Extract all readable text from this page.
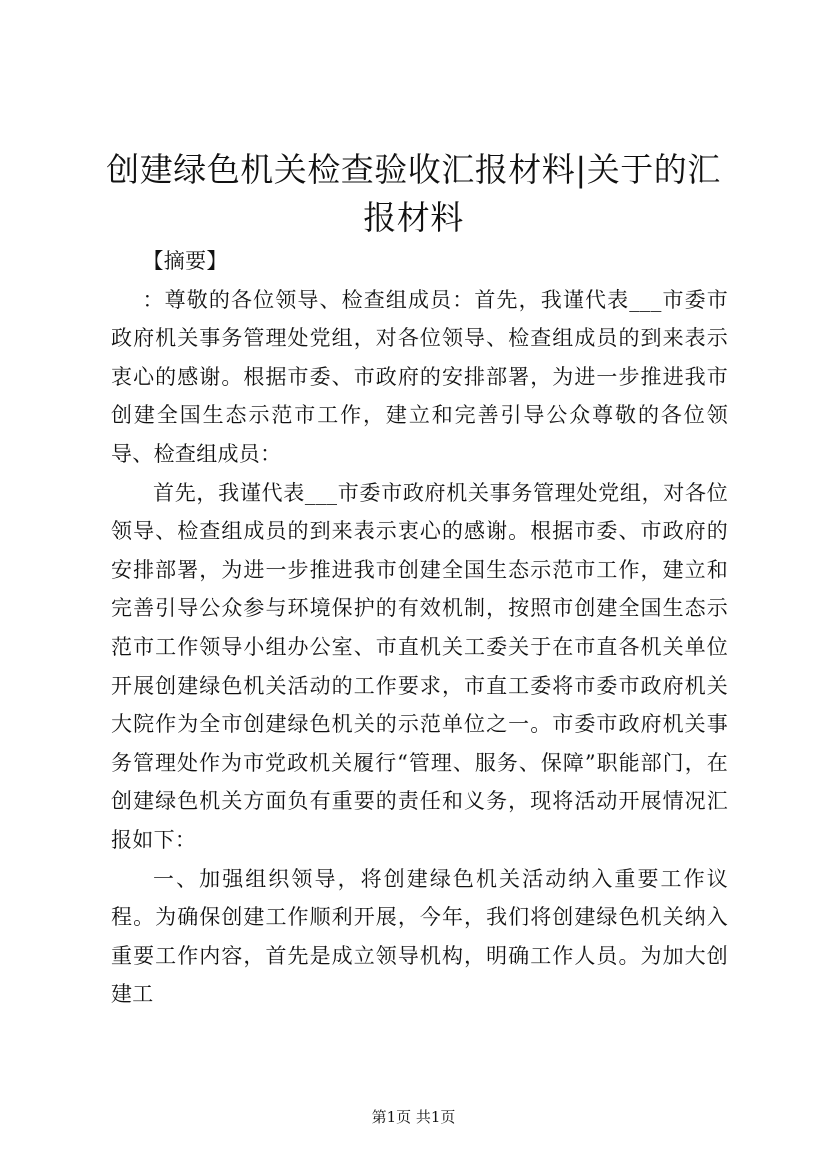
创建绿色机关检查验收汇报材料|关于的汇报材料

【摘要】

：尊敬的各位领导、检查组成员：首先，我谨代表___市委市政府机关事务管理处党组，对各位领导、检查组成员的到来表示衷心的感谢。根据市委、市政府的安排部署，为进一步推进我市创建全国生态示范市工作，建立和完善引导公众尊敬的各位领导、检查组成员：

首先，我谨代表___市委市政府机关事务管理处党组，对各位领导、检查组成员的到来表示衷心的感谢。根据市委、市政府的安排部署，为进一步推进我市创建全国生态示范市工作，建立和完善引导公众参与环境保护的有效机制，按照市创建全国生态示范市工作领导小组办公室、市直机关工委关于在市直各机关单位开展创建绿色机关活动的工作要求，市直工委将市委市政府机关大院作为全市创建绿色机关的示范单位之一。市委市政府机关事务管理处作为市党政机关履行“管理、服务、保障”职能部门，在创建绿色机关方面负有重要的责任和义务，现将活动开展情况汇报如下：

一、加强组织领导，将创建绿色机关活动纳入重要工作议程。为确保创建工作顺利开展，今年，我们将创建绿色机关纳入重要工作内容，首先是成立领导机构，明确工作人员。为加大创建工

第1页 共1页
